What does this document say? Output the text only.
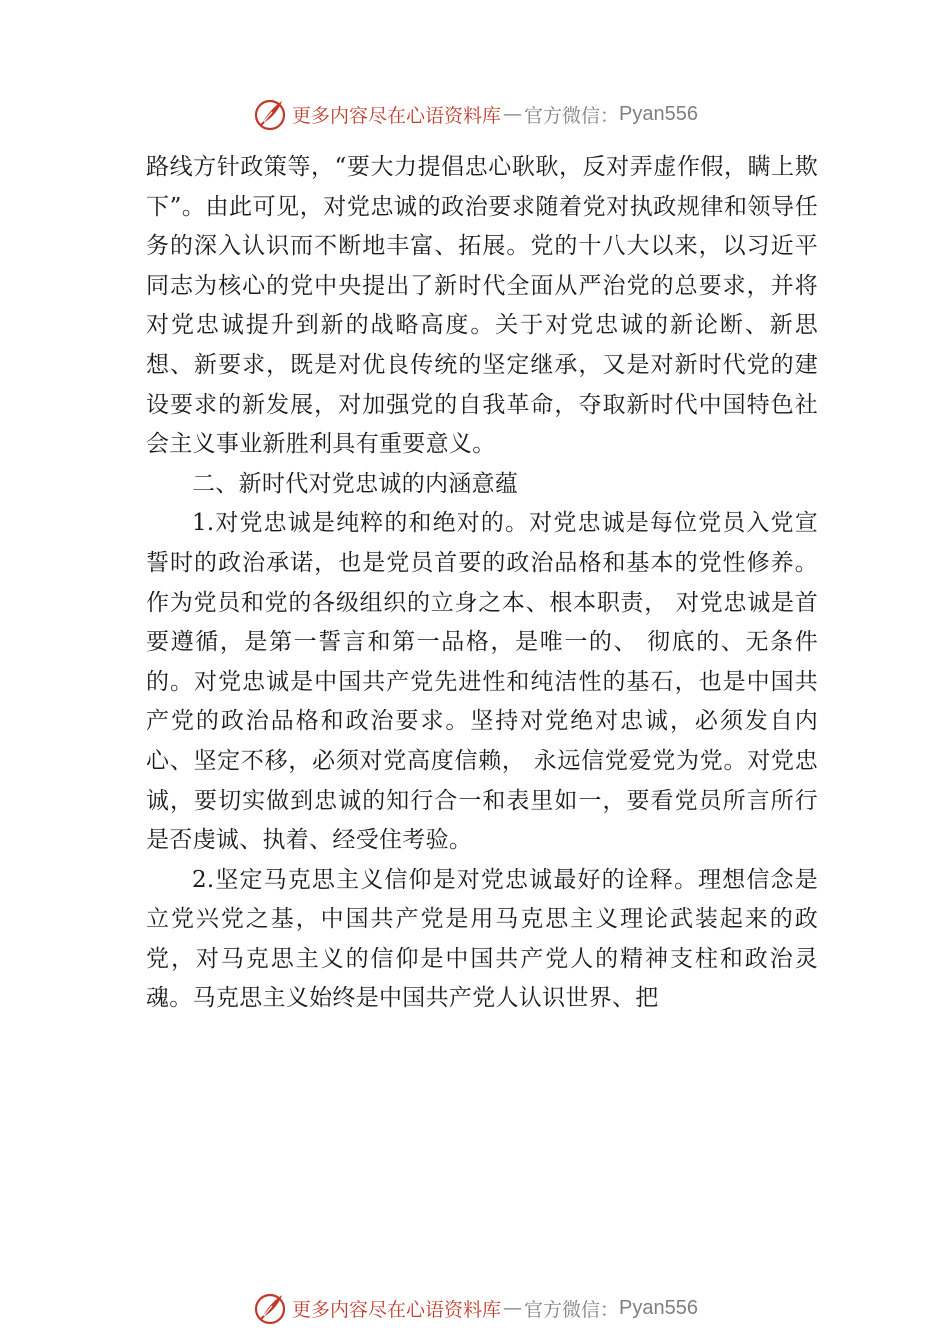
更多内容尽在心语资料库 — 官方微信： Pyan556

路线方针政策等，“要大力提倡忠心耿耿，反对弄虚作假，瞒上欺下”。由此可见，对党忠诚的政治要求随着党对执政规律和领导任务的深入认识而不断地丰富、拓展。党的十八大以来，以习近平同志为核心的党中央提出了新时代全面从严治党的总要求，并将对党忠诚提升到新的战略高度。关于对党忠诚的新论断、新思想、新要求，既是对优良传统的坚定继承，又是对新时代党的建设要求的新发展，对加强党的自我革命，夺取新时代中国特色社会主义事业新胜利具有重要意义。

二、新时代对党忠诚的内涵意蕴

1.对党忠诚是纯粹的和绝对的。对党忠诚是每位党员入党宣誓时的政治承诺，也是党员首要的政治品格和基本的党性修养。作为党员和党的各级组织的立身之本、根本职责， 对党忠诚是首要遵循，是第一誓言和第一品格，是唯一的、 彻底的、无条件的。对党忠诚是中国共产党先进性和纯洁性的基石，也是中国共产党的政治品格和政治要求。坚持对党绝对忠诚，必须发自内心、坚定不移，必须对党高度信赖， 永远信党爱党为党。对党忠诚，要切实做到忠诚的知行合一和表里如一，要看党员所言所行是否虔诚、执着、经受住考验。

2.坚定马克思主义信仰是对党忠诚最好的诠释。理想信念是立党兴党之基，中国共产党是用马克思主义理论武装起来的政党，对马克思主义的信仰是中国共产党人的精神支柱和政治灵魂。马克思主义始终是中国共产党人认识世界、把

更多内容尽在心语资料库 — 官方微信： Pyan556
